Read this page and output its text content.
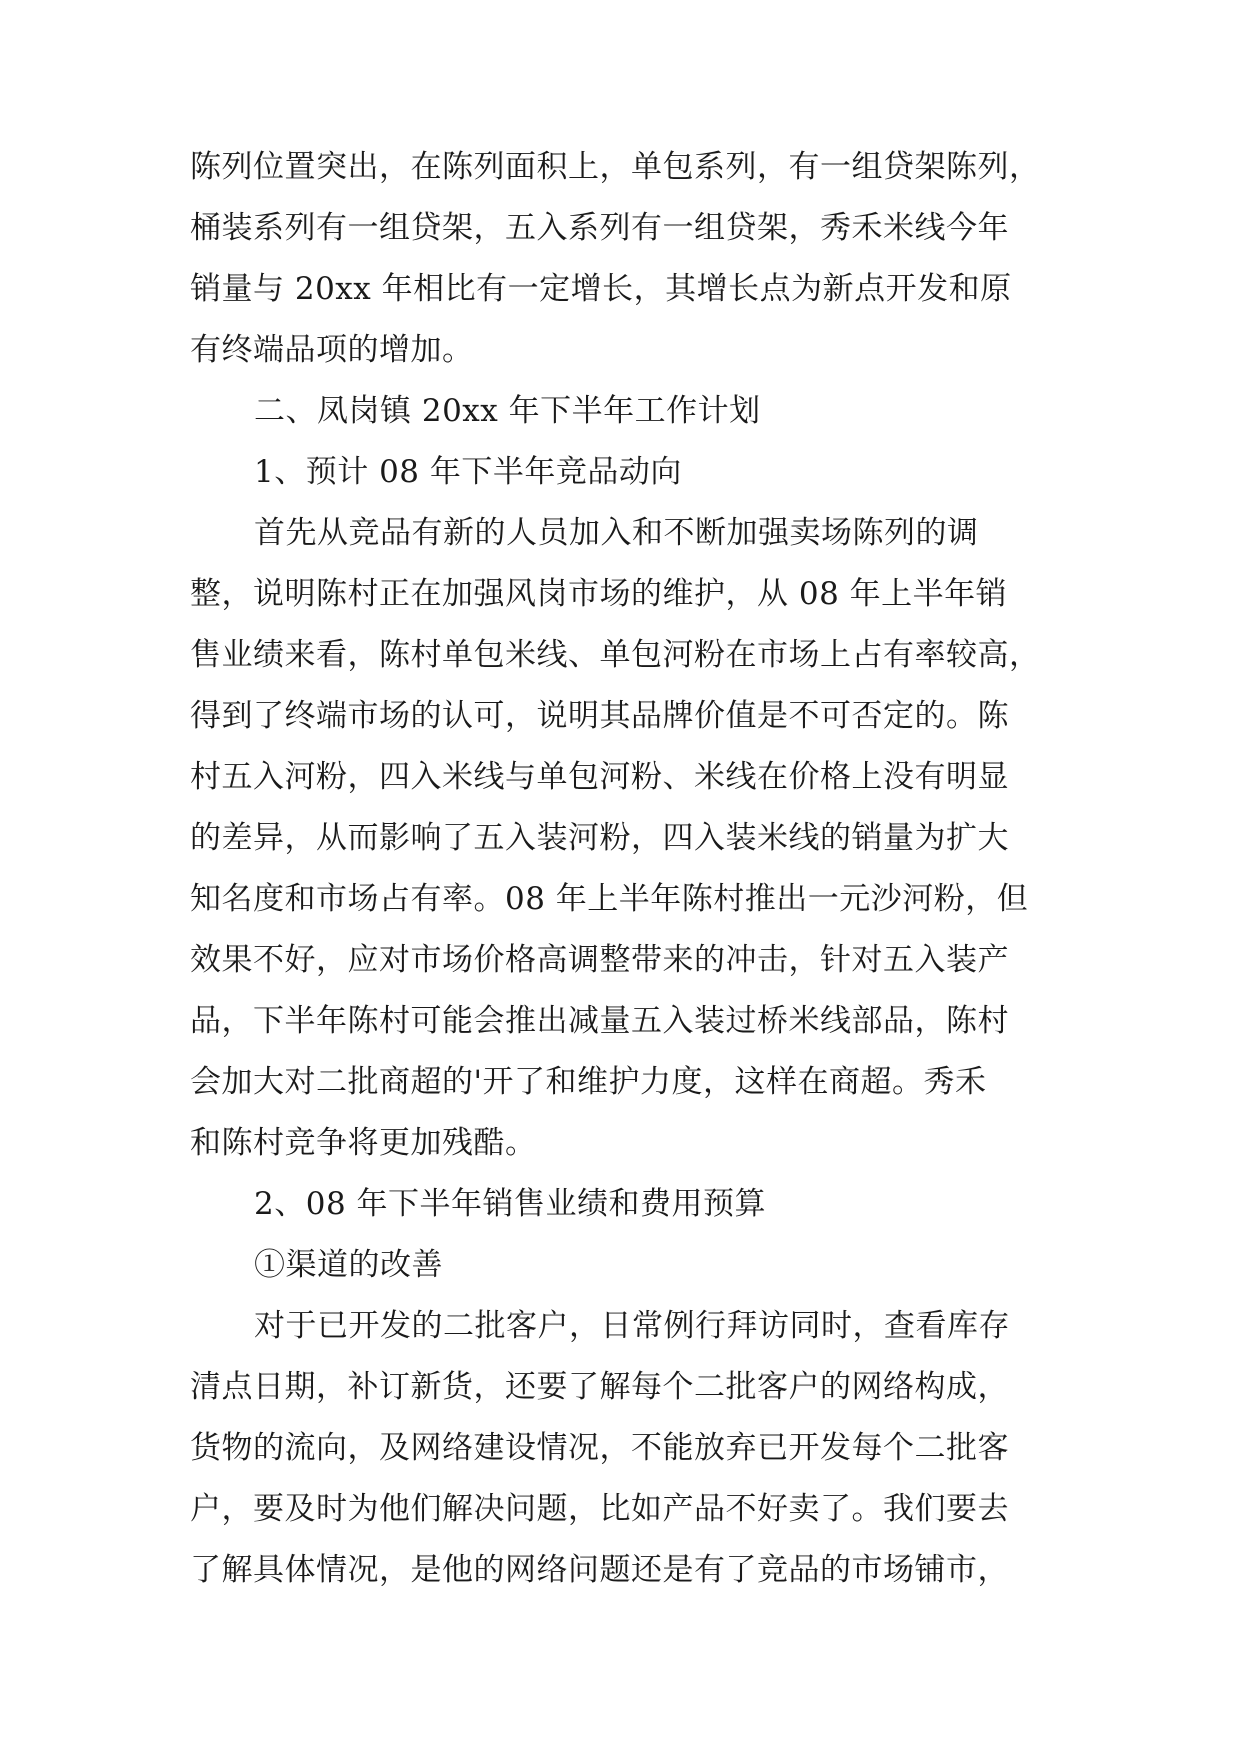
陈列位置突出，在陈列面积上，单包系列，有一组贷架陈列，
桶装系列有一组贷架，五入系列有一组贷架，秀禾米线今年
销量与 20xx 年相比有一定增长，其增长点为新点开发和原
有终端品项的增加。
二、凤岗镇 20xx 年下半年工作计划
1、预计 08 年下半年竞品动向
首先从竞品有新的人员加入和不断加强卖场陈列的调
整，说明陈村正在加强风岗市场的维护，从 08 年上半年销
售业绩来看，陈村单包米线、单包河粉在市场上占有率较高，
得到了终端市场的认可，说明其品牌价值是不可否定的。陈
村五入河粉，四入米线与单包河粉、米线在价格上没有明显
的差异，从而影响了五入装河粉，四入装米线的销量为扩大
知名度和市场占有率。08 年上半年陈村推出一元沙河粉，但
效果不好，应对市场价格高调整带来的冲击，针对五入装产
品，下半年陈村可能会推出减量五入装过桥米线部品，陈村
会加大对二批商超的'开了和维护力度，这样在商超。秀禾
和陈村竞争将更加残酷。
2、08 年下半年销售业绩和费用预算
①渠道的改善
对于已开发的二批客户，日常例行拜访同时，查看库存
清点日期，补订新货，还要了解每个二批客户的网络构成，
货物的流向，及网络建设情况，不能放弃已开发每个二批客
户，要及时为他们解决问题，比如产品不好卖了。我们要去
了解具体情况，是他的网络问题还是有了竞品的市场铺市，
